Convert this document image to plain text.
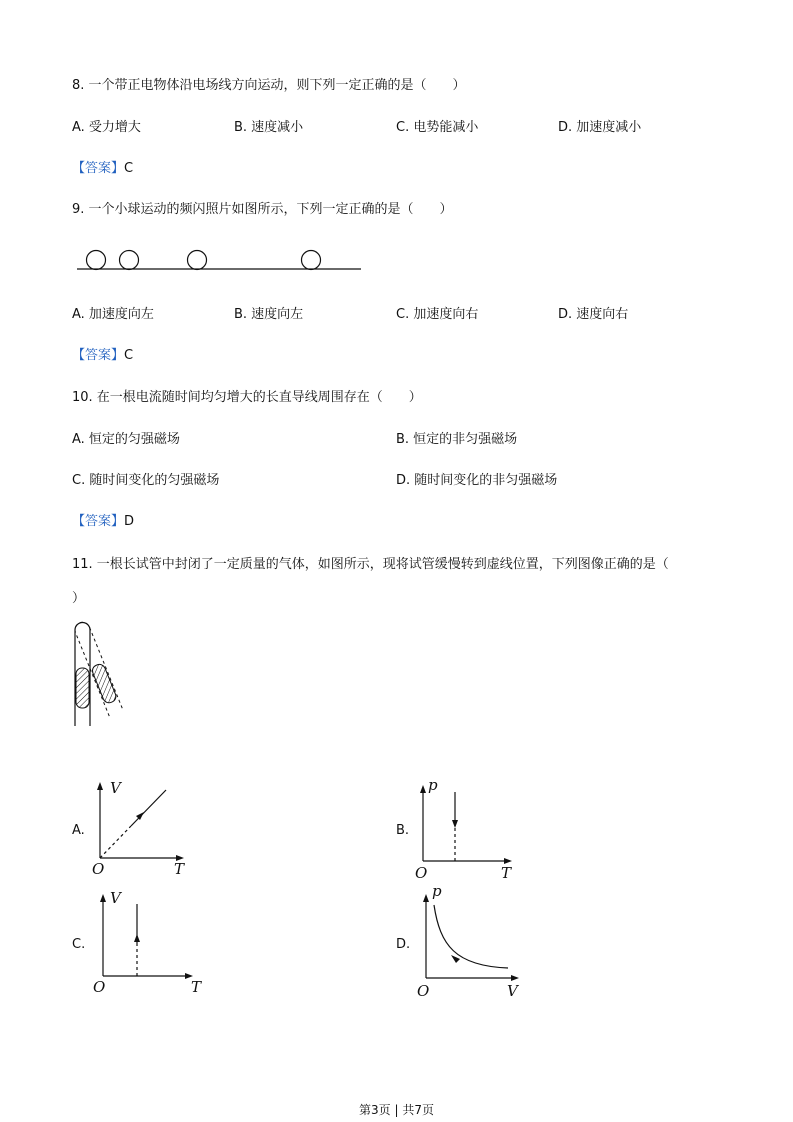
8. 一个带正电物体沿电场线方向运动，则下列一定正确的是（　　）
A. 受力增大	B. 速度减小	C. 电势能减小	D. 加速度减小
【答案】C
9. 一个小球运动的频闪照片如图所示，下列一定正确的是（　　）
A. 加速度向左	B. 速度向左	C. 加速度向右	D. 速度向右
【答案】C
10. 在一根电流随时间均匀增大的长直导线周围存在（　　）
A. 恒定的匀强磁场	B. 恒定的非匀强磁场
C. 随时间变化的匀强磁场	D. 随时间变化的非匀强磁场
【答案】D
11. 一根长试管中封闭了一定质量的气体，如图所示，现将试管缓慢转到虚线位置，下列图像正确的是（
）
A.
V
T
O
B.
p
T
O
C.
V
T
O
D.
p
V
O
第3页 | 共7页
